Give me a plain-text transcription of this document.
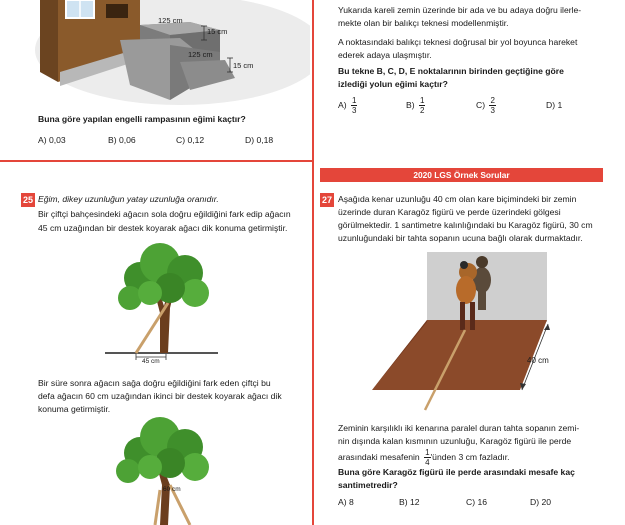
125 cm
15 cm
125 cm
15 cm
Buna göre yapılan engelli rampasının eğimi kaçtır?
A) 0,03	B) 0,06	C) 0,12	D) 0,18
25 Eğim, dikey uzunluğun yatay uzunluğa oranıdır.
Bir çiftçi bahçesindeki ağacın sola doğru eğildiğini fark edip ağacın
45 cm uzağından bir destek koyarak ağacı dik konuma getirmiştir.
45 cm
Bir süre sonra ağacın sağa doğru eğildiğini fark eden çiftçi bu
defa ağacın 60 cm uzağından ikinci bir destek koyarak ağacı dik
konuma getirmiştir.
60 cm
Yukarıda kareli zemin üzerinde bir ada ve bu adaya doğru ilerle-
mekte olan bir balıkçı teknesi modellenmiştir.
A noktasındaki balıkçı teknesi doğrusal bir yol boyunca hareket
ederek adaya ulaşmıştır.
Bu tekne B, C, D, E noktalarının birinden geçtiğine göre
izlediği yolun eğimi kaçtır?
$A) \frac{1}{3}$	$B) \frac{1}{2}$	$C) \frac{2}{3}$	D) 1
2020 LGS Örnek Sorular
27 Aşağıda kenar uzunluğu 40 cm olan kare biçimindeki bir zemin
üzerinde duran Karagöz figürü ve perde üzerindeki gölgesi
görülmektedir. 1 santimetre kalınlığındaki bu Karagöz figürü, 30 cm
uzunluğundaki bir tahta sopanın ucuna bağlı olarak durmaktadır.
40 cm
Zeminin karşılıklı iki kenarına paralel duran tahta sopanın zemi-
nin dışında kalan kısmının uzunluğu, Karagöz figürü ile perde
arasındaki mesafenin $\frac{1}{4}$ 'ünden 3 cm fazladır.
Buna göre Karagöz figürü ile perde arasındaki mesafe kaç
santimetredir?
A) 8	B) 12	C) 16	D) 20
